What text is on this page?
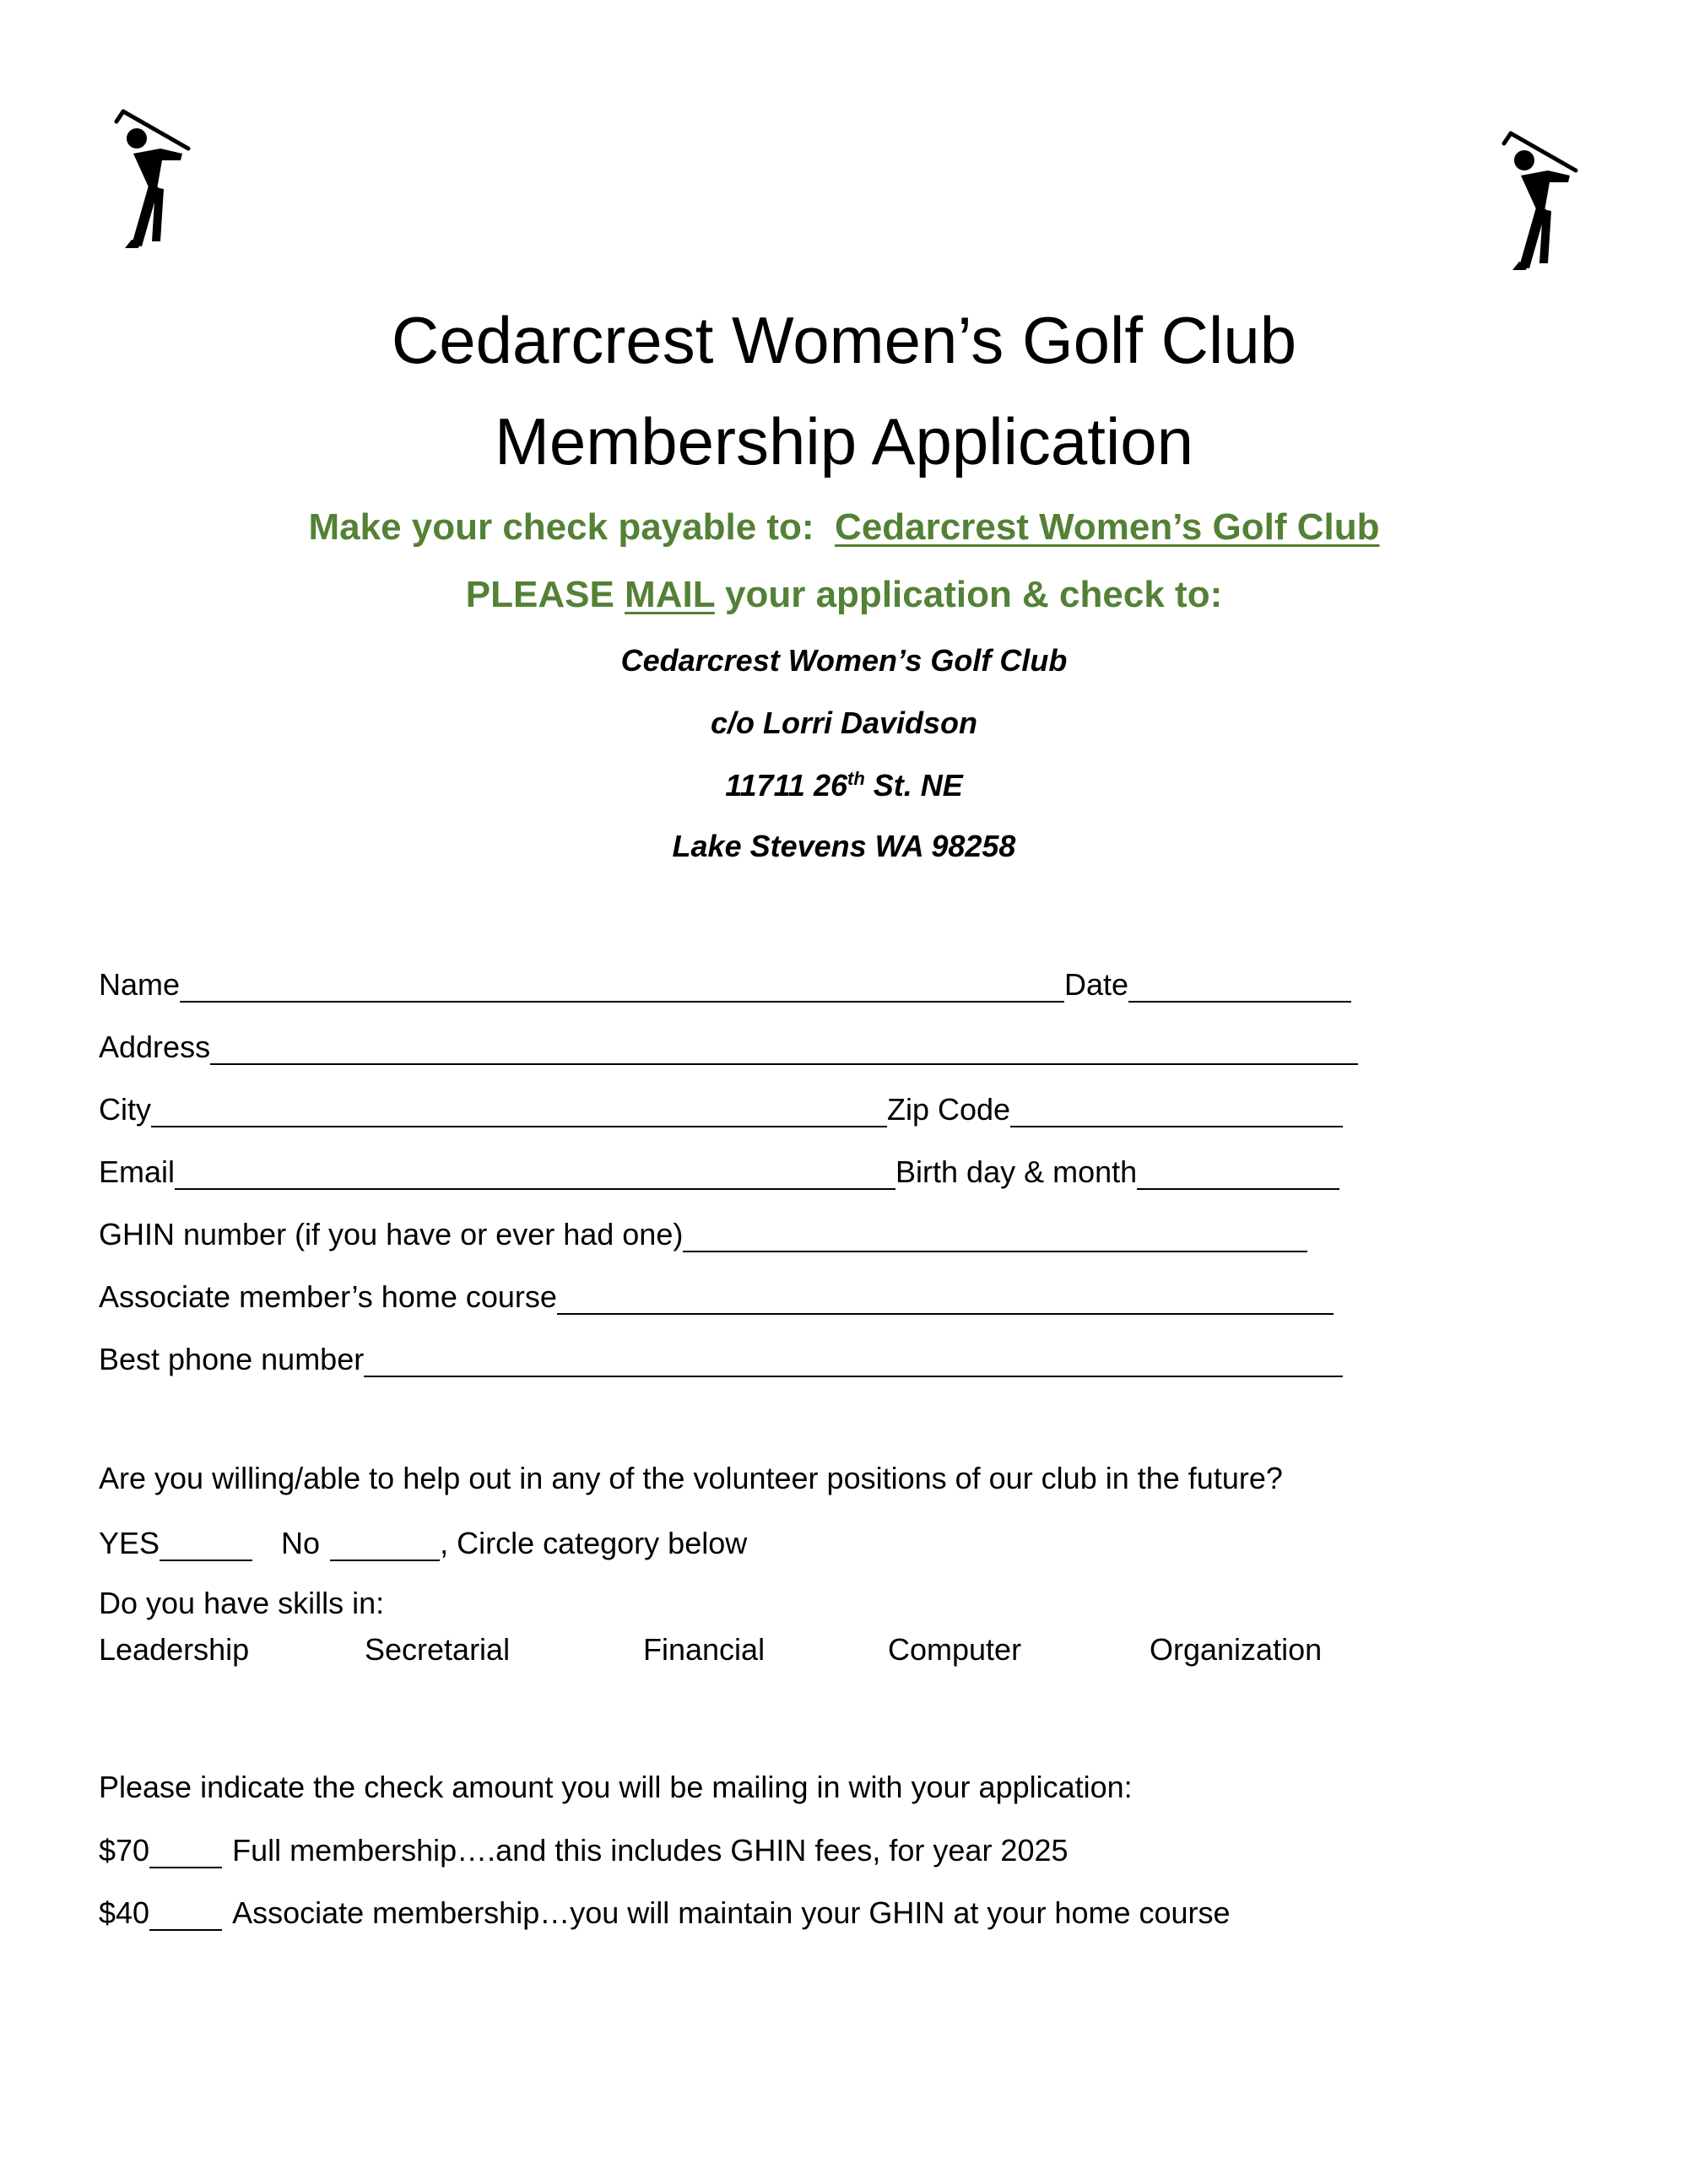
Cedarcrest Women’s Golf Club
Membership Application
Make your check payable to: Cedarcrest Women’s Golf Club
PLEASE MAIL your application & check to:
Cedarcrest Women’s Golf Club
c/o Lorri Davidson
11711 26th St. NE
Lake Stevens WA 98258
Name	Date
Address
City	Zip Code
Email	Birth day & month
GHIN number (if you have or ever had one)
Associate member’s home course
Best phone number
Are you willing/able to help out in any of the volunteer positions of our club in the future?
YES	No	, Circle category below
Do you have skills in:
Leadership	Secretarial	Financial	Computer	Organization
Please indicate the check amount you will be mailing in with your application:
$70	Full membership….and this includes GHIN fees, for year 2025
$40	Associate membership…you will maintain your GHIN at your home course
